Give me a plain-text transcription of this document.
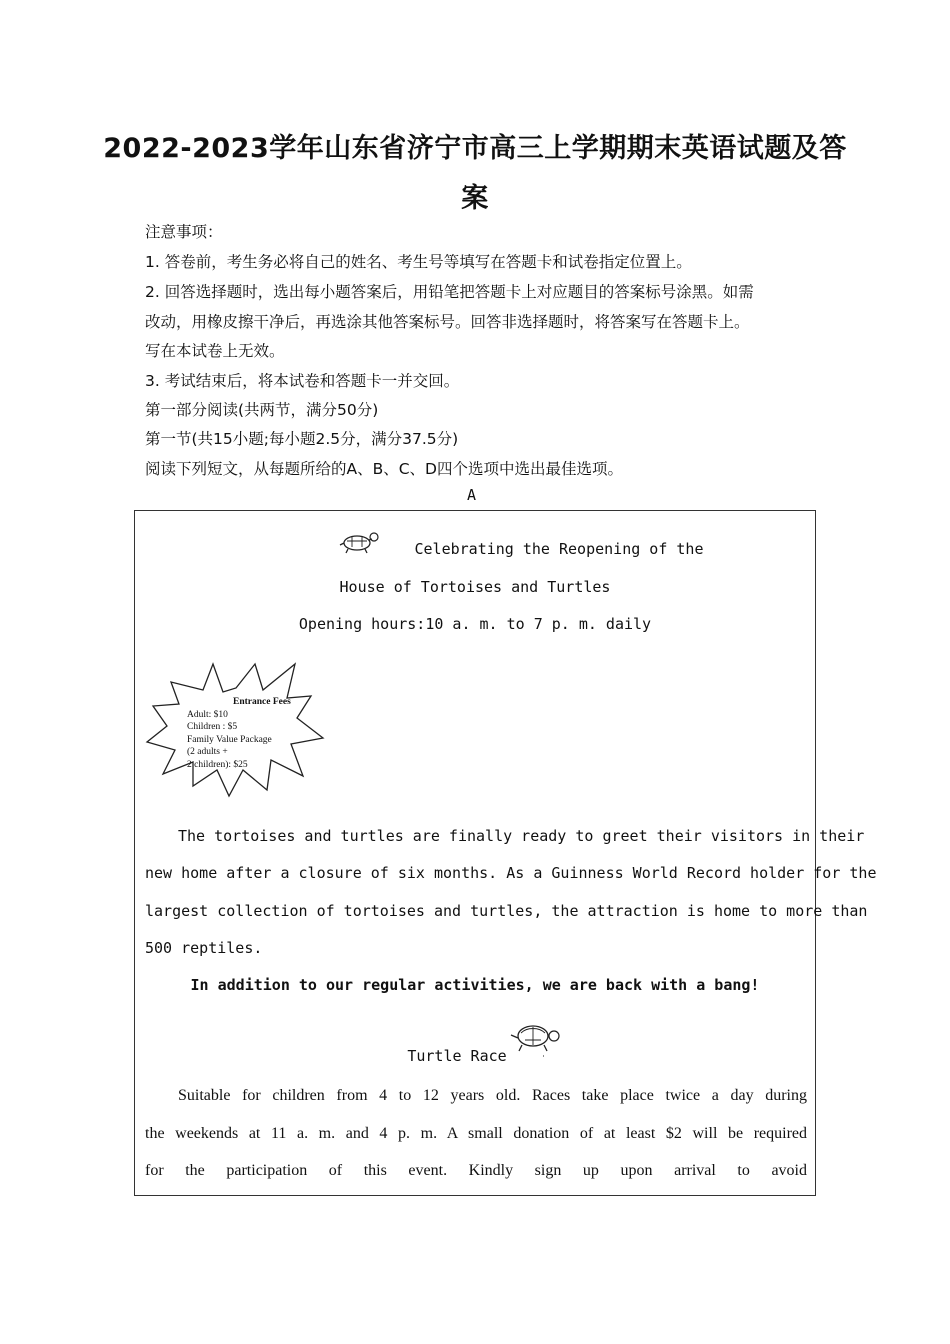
2022-2023学年山东省济宁市高三上学期期末英语试题及答
案
注意事项：
1. 答卷前，考生务必将自己的姓名、考生号等填写在答题卡和试卷指定位置上。
2. 回答选择题时，选出每小题答案后，用铅笔把答题卡上对应题目的答案标号涂黑。如需
改动，用橡皮擦干净后，再选涂其他答案标号。回答非选择题时，将答案写在答题卡上。
写在本试卷上无效。
3. 考试结束后，将本试卷和答题卡一并交回。
第一部分阅读(共两节，满分50分)
第一节(共15小题;每小题2.5分，满分37.5分)
阅读下列短文，从每题所给的A、B、C、D四个选项中选出最佳选项。
A
Celebrating the Reopening of the
House of Tortoises and Turtles
Opening hours:10 a. m. to 7 p. m. daily
Entrance Fees
Adult: $10
Children : $5
Family Value Package
(2 adults +
2 children): $25
The tortoises and turtles are finally ready to greet their visitors in their
new home after a closure of six months. As a Guinness World Record holder for the
largest collection of tortoises and turtles, the attraction is home to more than
500 reptiles.
In addition to our regular activities, we are back with a bang!
Turtle Race
Suitable for children from 4 to 12 years old. Races take place twice a day during
the weekends at 11 a. m. and 4 p. m. A small donation of at least $2 will be required
for the participation of this event. Kindly sign up upon arrival to avoid
